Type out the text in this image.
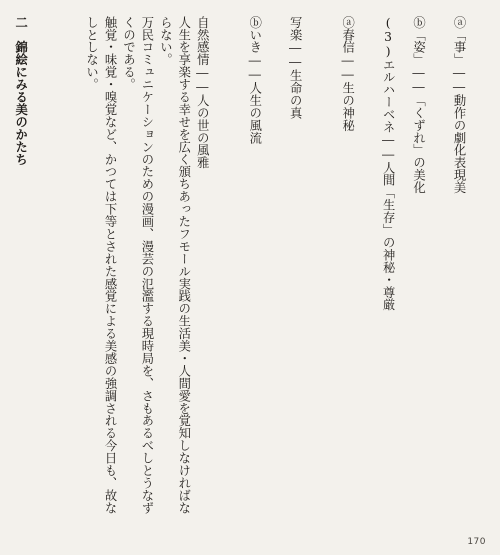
ⓐ「事」――動作の劇化表現美
ⓑ「姿」――「くずれ」の美化
(3)エルハーベネ――人間「生存」の神秘・尊厳
ⓐ春信――生の神秘
写楽――生命の真
ⓑいき――人生の風流
自然感情――人の世の風雅
人生を享楽する幸せを広く頒ちあったフモール実践の生活美・人間愛を覚知しなければならない。
万民コミュニケーションのための漫画、漫芸の氾濫する現時局を、さもあるべしとうなずくのである。
触覚・味覚・嗅覚など、かつては下等とされた感覚による美感の強調される今日も、故なしとしない。

二　錦絵にみる美のかたち

170
